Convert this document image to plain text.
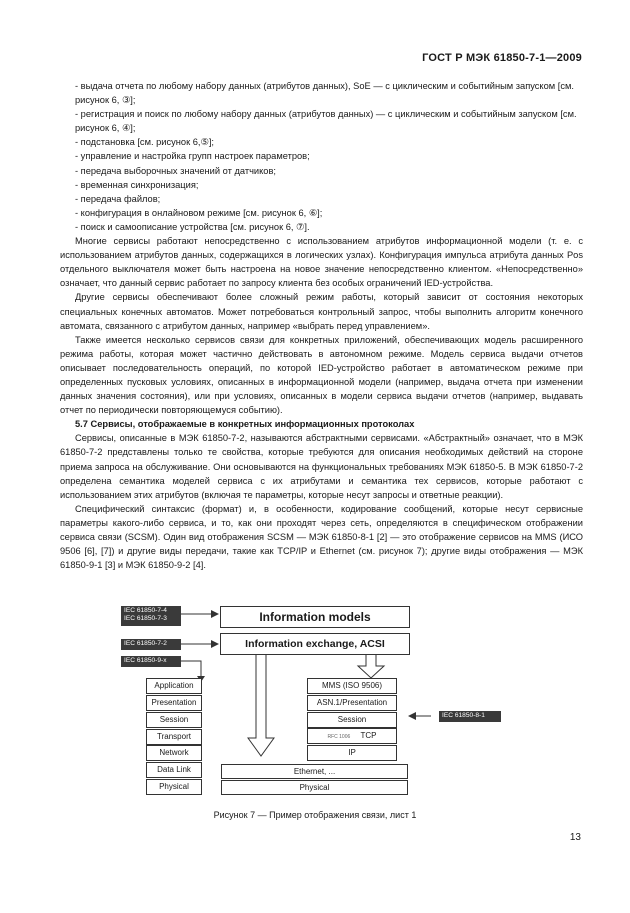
ГОСТ Р МЭК 61850-7-1—2009

- выдача отчета по любому набору данных (атрибутов данных), SoE — с циклическим и событийным запуском [см. рисунок 6, ③];

- регистрация и поиск по любому набору данных (атрибутов данных) — с циклическим и событийным запуском [см. рисунок 6, ④];

- подстановка [см. рисунок 6,⑤];

- управление и настройка групп настроек параметров;

- передача выборочных значений от датчиков;

- временная синхронизация;

- передача файлов;

- конфигурация в онлайновом режиме [см. рисунок 6, ⑥];

- поиск и самоописание устройства [см. рисунок 6, ⑦].

Многие сервисы работают непосредственно с использованием атрибутов информационной модели (т. е. с использованием атрибутов данных, содержащихся в логических узлах). Конфигурация импульса атрибута данных Pos отдельного выключателя может быть настроена на новое значение непосредственно клиентом. «Непосредственно» означает, что данный сервис работает по запросу клиента без особых ограничений IED-устройства.

Другие сервисы обеспечивают более сложный режим работы, который зависит от состояния некоторых специальных конечных автоматов. Может потребоваться контрольный запрос, чтобы выполнить алгоритм конечного автомата, связанного с атрибутом данных, например «выбрать перед управлением».

Также имеется несколько сервисов связи для конкретных приложений, обеспечивающих модель расширенного режима работы, которая может частично действовать в автономном режиме. Модель сервиса выдачи отчетов описывает последовательность операций, по которой IED-устройство работает в автоматическом режиме при определенных пусковых условиях, описанных в информационной модели (например, выдача отчета при изменении данных значения состояния), или при условиях, описанных в модели сервиса выдачи отчетов (например, выдавать отчет по периодически повторяющемуся событию).

5.7 Сервисы, отображаемые в конкретных информационных протоколах

Сервисы, описанные в МЭК 61850-7-2, называются абстрактными сервисами. «Абстрактный» означает, что в МЭК 61850-7-2 представлены только те свойства, которые требуются для описания необходимых действий на стороне приема запроса на обслуживание. Они основываются на функциональных требованиях МЭК 61850-5. В МЭК 61850-7-2 определена семантика моделей сервиса с их атрибутами и семантика тех сервисов, которые работают с использованием этих атрибутов (включая те параметры, которые несут запросы и ответные реакции).

Специфический синтаксис (формат) и, в особенности, кодирование сообщений, которые несут сервисные параметры какого-либо сервиса, и то, как они проходят через сеть, определяются в специфическом отображении сервиса связи (SCSM). Один вид отображения SCSM — МЭК 61850-8-1 [2] — это отображение сервисов на MMS (ИСО 9506 [6], [7]) и другие виды передачи, такие как TCP/IP и Ethernet (см. рисунок 7); другие виды отображения — МЭК 61850-9-1 [3] и МЭК 61850-9-2 [4].

IEC 61850-7-4
IEC 61850-7-3
IEC 61850-7-2
IEC 61850-9-x
Information models
Information exchange, ACSI
Application
Presentation
Session
Transport
Network
Data Link
Physical
MMS (ISO 9506)
ASN.1/Presentation
Session
RFC 1006 TCP
IP
Ethernet, ...
Physical
IEC 61850-8-1
Рисунок 7 — Пример отображения связи, лист 1
13
